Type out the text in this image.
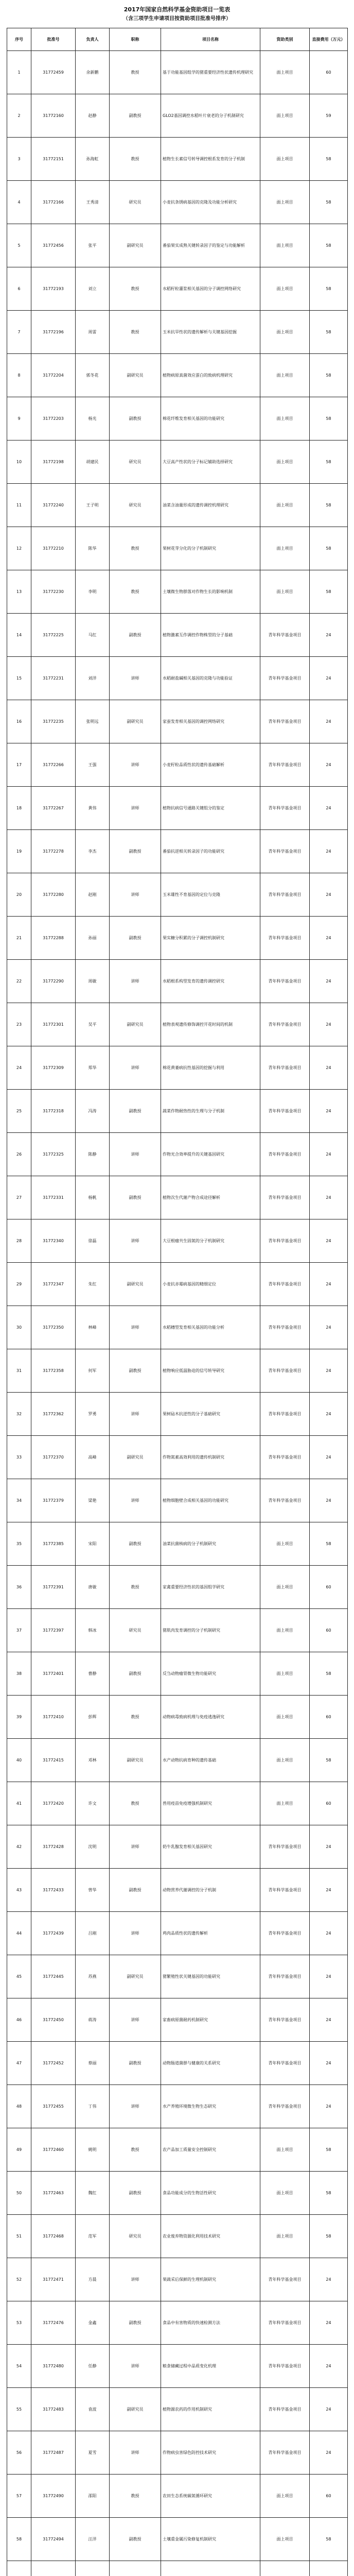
2017年国家自然科学基金资助项目一览表
（含三项学生申请项目按资助项目批准号排序）
序号	批准号	负责人	职称	项目名称	资助类别	直接费用（万元）
1	31772459	余新鹏	教授	基于功能基因组学的猪重要经济性状遗传机理研究	面上项目	60
2	31772160	赵静	副教授	GLO2基因调控水稻叶片衰老的分子机制研究	面上项目	59
3	31772151	孙海虹	教授	植物生长素信号转导调控根系发育的分子机制	面上项目	58
4	31772166	王秀清	研究员	小麦抗条锈病基因的克隆及功能分析研究	面上项目	58
5	31772456	张平	副研究员	番茄果实成熟关键转录因子的鉴定与功能解析	面上项目	58
6	31772193	刘立	教授	水稻籽粒灌浆相关基因的分子调控网络研究	面上项目	58
7	31772196	周雷	教授	玉米抗旱性状的遗传解析与关键基因挖掘	面上项目	58
8	31772204	郭冬花	副研究员	植物病原真菌效应蛋白的致病机理研究	面上项目	58
9	31772203	杨光	副教授	棉花纤维发育相关基因的功能研究	面上项目	58
10	31772198	胡建民	研究员	大豆高产性状的分子标记辅助选择研究	面上项目	58
11	31772240	王子明	研究员	油菜含油量形成的遗传调控机理研究	面上项目	58
12	31772210	陈华	教授	果树花芽分化的分子机制研究	面上项目	58
13	31772230	李明	教授	土壤微生物群落对作物生长的影响机制	面上项目	58
14	31772225	马红	副教授	植物激素互作调控作物株型的分子基础	青年科学基金项目	24
15	31772231	刘洋	讲师	水稻耐盐碱相关基因的克隆与功能验证	青年科学基金项目	24
16	31772235	张明远	副研究员	家蚕发育相关基因的调控网络研究	青年科学基金项目	24
17	31772266	王强	讲师	小麦籽粒品质性状的遗传基础解析	青年科学基金项目	24
18	31772267	黄伟	讲师	植物抗病信号通路关键组分的鉴定	青年科学基金项目	24
19	31772278	李杰	副教授	番茄抗逆相关转录因子的功能研究	青年科学基金项目	24
20	31772280	赵刚	讲师	玉米雄性不育基因的定位与克隆	青年科学基金项目	24
21	31772288	孙丽	副教授	果实糖分积累的分子调控机制研究	青年科学基金项目	24
22	31772290	周敏	讲师	水稻根系构型发育的遗传调控研究	青年科学基金项目	24
23	31772301	吴平	副研究员	植物表观遗传修饰调控开花时间的机制	青年科学基金项目	24
24	31772309	郑华	讲师	棉花黄萎病抗性基因的挖掘与利用	青年科学基金项目	24
25	31772318	冯涛	副教授	蔬菜作物耐热性的生理与分子机制	青年科学基金项目	24
26	31772325	陈静	讲师	作物光合效率提升的关键基因研究	青年科学基金项目	24
27	31772331	杨帆	副教授	植物次生代谢产物合成途径解析	青年科学基金项目	24
28	31772340	徐磊	讲师	大豆根瘤共生固氮的分子机制研究	青年科学基金项目	24
29	31772347	朱红	副研究员	小麦抗赤霉病基因的精细定位	青年科学基金项目	24
30	31772350	林峰	讲师	水稻穗型发育相关基因的功能分析	青年科学基金项目	24
31	31772358	何军	副教授	植物响应低温胁迫的信号转导研究	青年科学基金项目	24
32	31772362	罗勇	讲师	果树砧木抗逆性的分子基础研究	青年科学基金项目	24
33	31772370	高峰	副研究员	作物氮素高效利用的遗传机制研究	青年科学基金项目	24
34	31772379	梁艳	讲师	植物细胞壁合成相关基因的功能研究	青年科学基金项目	24
35	31772385	宋阳	副教授	油菜抗菌核病的分子机制研究	面上项目	58
36	31772391	唐敏	教授	家禽重要经济性状的基因组学研究	面上项目	60
37	31772397	韩冰	研究员	猪肌肉发育调控的分子机制研究	面上项目	60
38	31772401	曹静	副教授	反刍动物瘤胃微生物功能研究	面上项目	58
39	31772410	彭辉	教授	动物病毒致病机理与免疫逃逸研究	面上项目	60
40	31772415	邓林	副研究员	水产动物抗病育种的遗传基础	面上项目	58
41	31772420	许文	教授	兽用疫苗免疫增强机制研究	面上项目	60
42	31772428	沈明	讲师	奶牛乳腺发育相关基因研究	青年科学基金项目	24
43	31772433	曾华	副教授	动物营养代谢调控的分子机制	青年科学基金项目	24
44	31772439	吕刚	讲师	鸡肉品质性状的遗传解析	青年科学基金项目	24
45	31772445	苏燕	副研究员	猪繁殖性状关键基因的功能研究	青年科学基金项目	24
46	31772450	蒋涛	讲师	家畜病原菌耐药机制研究	青年科学基金项目	24
47	31772452	蔡丽	副教授	动物肠道菌群与健康的关系研究	青年科学基金项目	24
48	31772455	丁伟	讲师	水产养殖环境微生物生态研究	青年科学基金项目	24
49	31772460	姚明	教授	农产品加工质量安全控制研究	面上项目	58
50	31772463	魏红	副教授	食品功能成分的生物活性研究	面上项目	58
51	31772468	范军	研究员	农业废弃物资源化利用技术研究	面上项目	58
52	31772471	方晨	讲师	果蔬采后保鲜的生理机制研究	青年科学基金项目	24
53	31772476	金鑫	副教授	食品中有害物质的快速检测方法	青年科学基金项目	24
54	31772480	任静	讲师	粮食储藏过程中品质变化机理	青年科学基金项目	24
55	31772483	袁波	副研究员	植物源农药的作用机制研究	青年科学基金项目	24
56	31772487	夏雪	讲师	作物病虫害绿色防控技术研究	青年科学基金项目	24
57	31772490	邵阳	教授	农田生态系统碳氮循环研究	面上项目	60
58	31772494	汪洋	副教授	土壤重金属污染修复机制研究	面上项目	58
